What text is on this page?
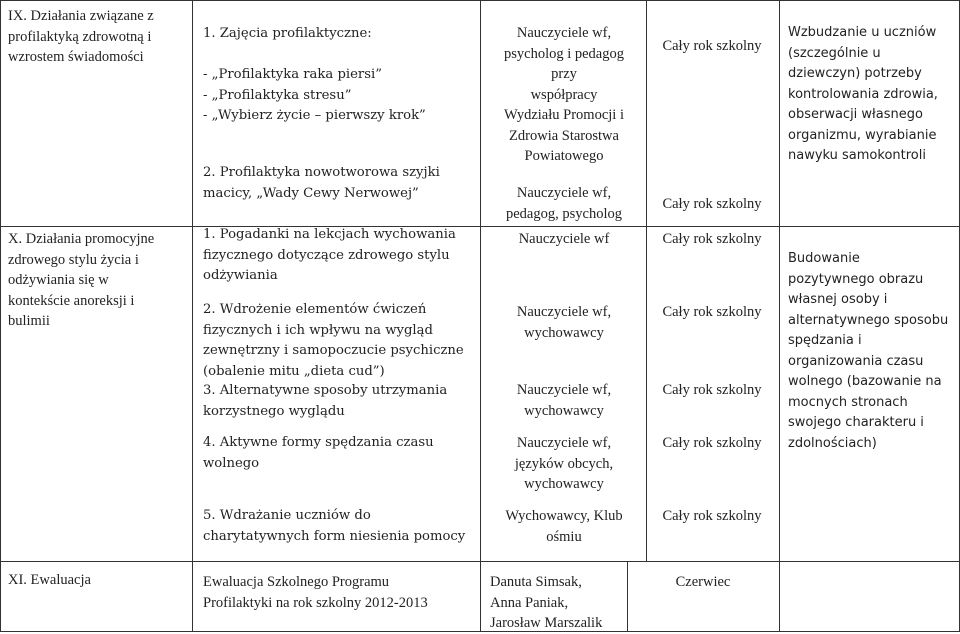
IX. Działania związane z
profilaktyką zdrowotną i
wzrostem świadomości
1. Zajęcia profilaktyczne:

- „Profilaktyka raka piersi”
- „Profilaktyka stresu”
- „Wybierz życie – pierwszy krok”
2. Profilaktyka nowotworowa szyjki
macicy, „Wady Cewy Nerwowej”
Nauczyciele wf,
psycholog i pedagog
przy
współpracy
Wydziału Promocji i
Zdrowia Starostwa
Powiatowego
Nauczyciele wf,
pedagog, psycholog
Cały rok szkolny
Cały rok szkolny
Wzbudzanie u uczniów
(szczególnie u
dziewczyn) potrzeby
kontrolowania zdrowia,
obserwacji własnego
organizmu, wyrabianie
nawyku samokontroli
X. Działania promocyjne
zdrowego stylu życia i
odżywiania się w
kontekście anoreksji i
bulimii
1. Pogadanki na lekcjach wychowania
fizycznego dotyczące zdrowego stylu
odżywiania
2. Wdrożenie elementów ćwiczeń
fizycznych i ich wpływu na wygląd
zewnętrzny i samopoczucie psychiczne
(obalenie mitu „dieta cud”)
3. Alternatywne sposoby utrzymania
korzystnego wyglądu
4. Aktywne formy spędzania czasu
wolnego
5. Wdrażanie uczniów do
charytatywnych form niesienia pomocy
Nauczyciele wf
Nauczyciele wf,
wychowawcy
Nauczyciele wf,
wychowawcy
Nauczyciele wf,
języków obcych,
wychowawcy
Wychowawcy, Klub
ośmiu
Cały rok szkolny
Cały rok szkolny
Cały rok szkolny
Cały rok szkolny
Cały rok szkolny
Budowanie
pozytywnego obrazu
własnej osoby i
alternatywnego sposobu
spędzania i
organizowania czasu
wolnego (bazowanie na
mocnych stronach
swojego charakteru i
zdolnościach)
XI. Ewaluacja	Ewaluacja Szkolnego Programu
Profilaktyki na rok szkolny 2012-2013
Danuta Simsak,
Anna Paniak,
Jarosław Marszalik
Czerwiec
